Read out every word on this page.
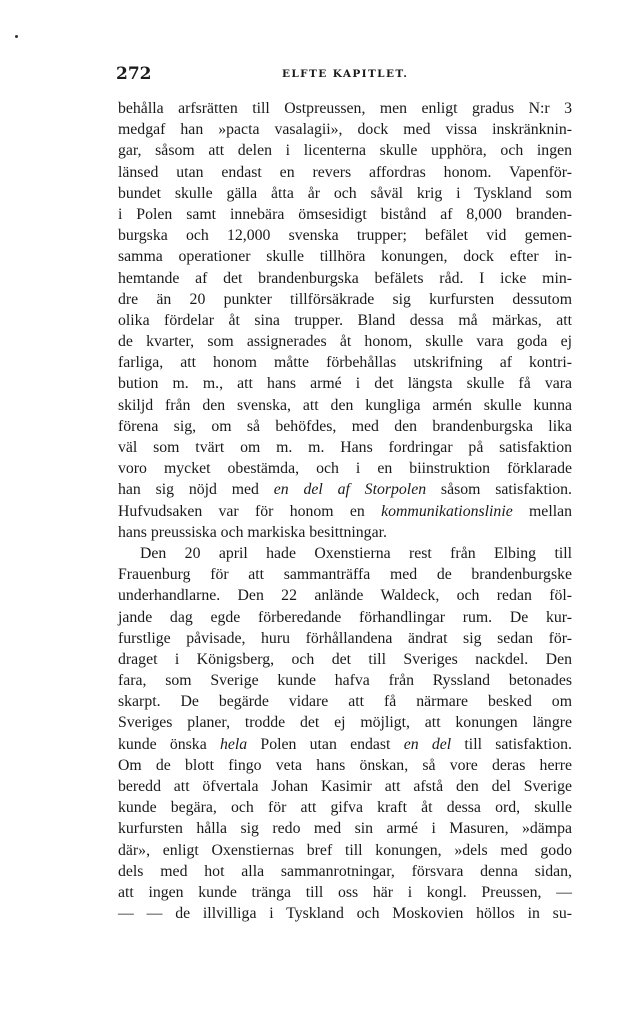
272	ELFTE KAPITLET.
behålla arfsrätten till Ostpreussen, men enligt gradus N:r 3
medgaf han »pacta vasalagii», dock med vissa inskränknin-
gar, såsom att delen i licenterna skulle upphöra, och ingen
länsed utan endast en revers affordras honom. Vapenför-
bundet skulle gälla åtta år och såväl krig i Tyskland som
i Polen samt innebära ömsesidigt bistånd af 8,000 branden-
burgska och 12,000 svenska trupper; befälet vid gemen-
samma operationer skulle tillhöra konungen, dock efter in-
hemtande af det brandenburgska befälets råd. I icke min-
dre än 20 punkter tillförsäkrade sig kurfursten dessutom
olika fördelar åt sina trupper. Bland dessa må märkas, att
de kvarter, som assignerades åt honom, skulle vara goda ej
farliga, att honom måtte förbehållas utskrifning af kontri-
bution m. m., att hans armé i det längsta skulle få vara
skiljd från den svenska, att den kungliga armén skulle kunna
förena sig, om så behöfdes, med den brandenburgska lika
väl som tvärt om m. m. Hans fordringar på satisfaktion
voro mycket obestämda, och i en biinstruktion förklarade
han sig nöjd med en del af Storpolen såsom satisfaktion.
Hufvudsaken var för honom en kommunikationslinie mellan
hans preussiska och markiska besittningar.
Den 20 april hade Oxenstierna rest från Elbing till
Frauenburg för att sammanträffa med de brandenburgske
underhandlarne. Den 22 anlände Waldeck, och redan föl-
jande dag egde förberedande förhandlingar rum. De kur-
furstlige påvisade, huru förhållandena ändrat sig sedan för-
draget i Königsberg, och det till Sveriges nackdel. Den
fara, som Sverige kunde hafva från Ryssland betonades
skarpt. De begärde vidare att få närmare besked om
Sveriges planer, trodde det ej möjligt, att konungen längre
kunde önska hela Polen utan endast en del till satisfaktion.
Om de blott fingo veta hans önskan, så vore deras herre
beredd att öfvertala Johan Kasimir att afstå den del Sverige
kunde begära, och för att gifva kraft åt dessa ord, skulle
kurfursten hålla sig redo med sin armé i Masuren, »dämpa
där», enligt Oxenstiernas bref till konungen, »dels med godo
dels med hot alla sammanrotningar, försvara denna sidan,
att ingen kunde tränga till oss här i kongl. Preussen, —
— — de illvilliga i Tyskland och Moskovien höllos in su-
